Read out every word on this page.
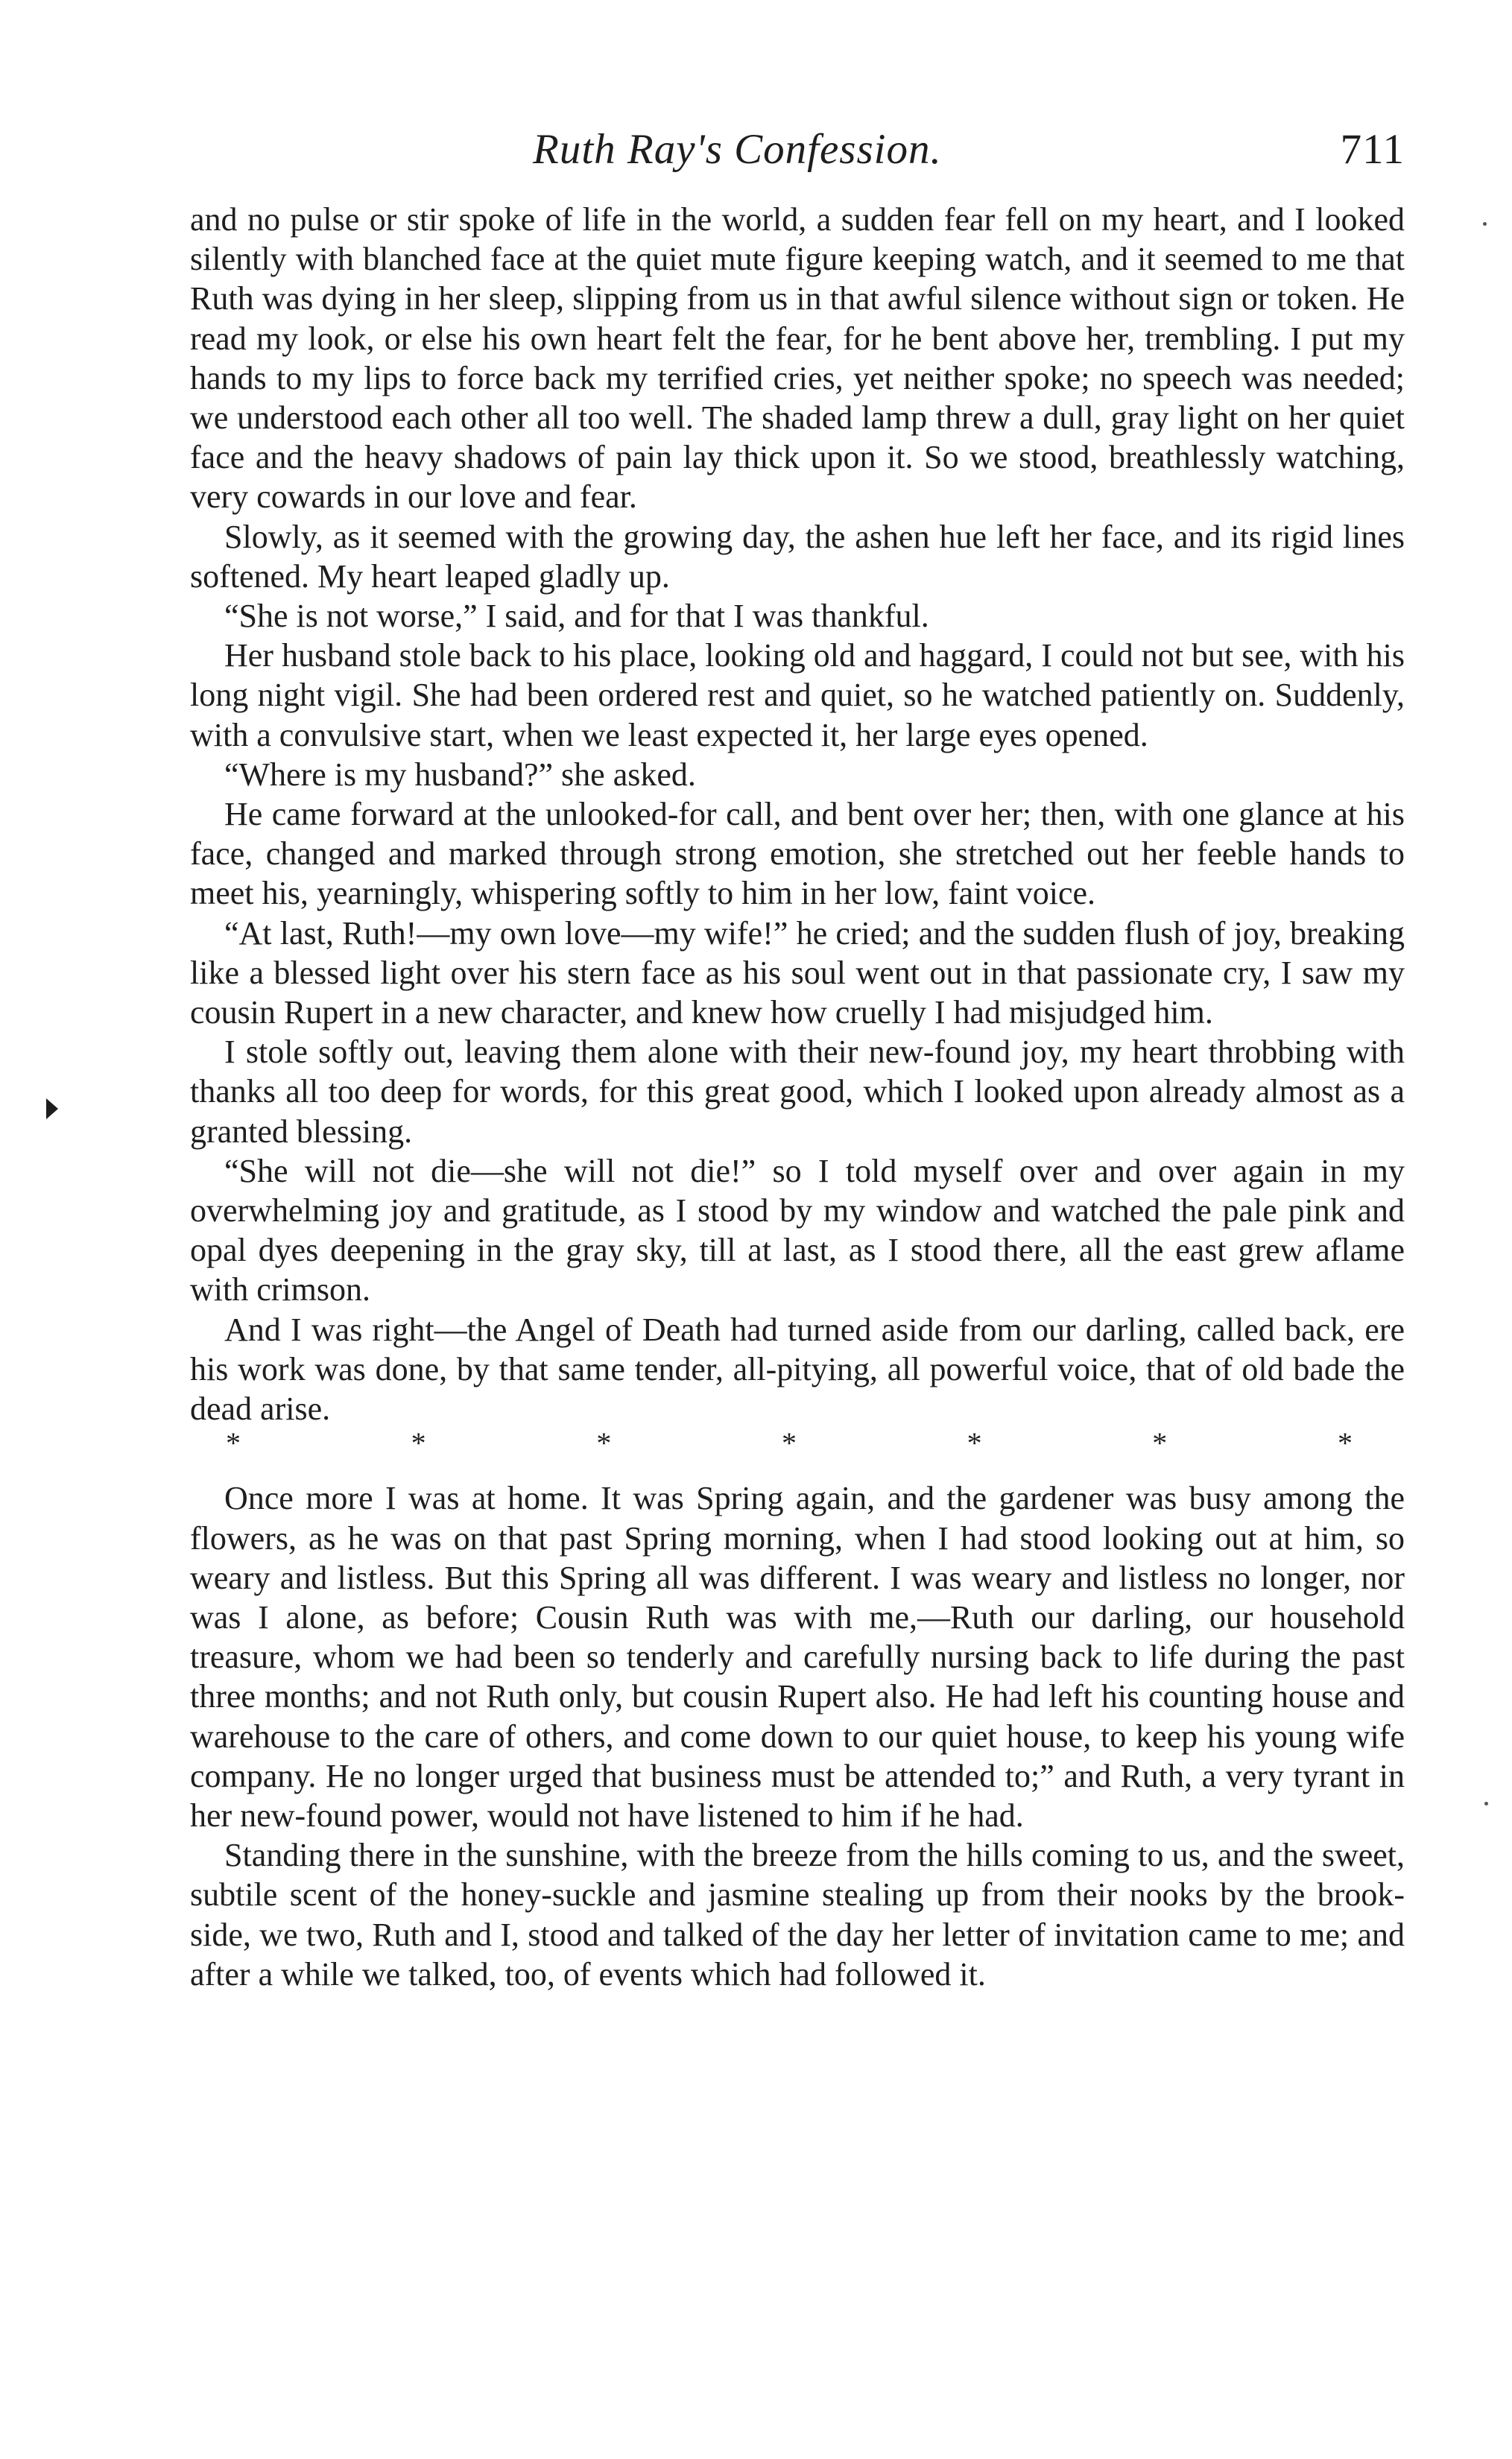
Ruth Ray's Confession.	711

and no pulse or stir spoke of life in the world, a sudden fear fell on my heart, and I looked silently with blanched face at the quiet mute figure keeping watch, and it seemed to me that Ruth was dying in her sleep, slipping from us in that awful silence without sign or token. He read my look, or else his own heart felt the fear, for he bent above her, trembling. I put my hands to my lips to force back my terrified cries, yet neither spoke; no speech was needed; we understood each other all too well. The shaded lamp threw a dull, gray light on her quiet face and the heavy shadows of pain lay thick upon it. So we stood, breathlessly watching, very cowards in our love and fear.

Slowly, as it seemed with the growing day, the ashen hue left her face, and its rigid lines softened. My heart leaped gladly up.

“She is not worse,” I said, and for that I was thankful.

Her husband stole back to his place, looking old and haggard, I could not but see, with his long night vigil. She had been ordered rest and quiet, so he watched patiently on. Suddenly, with a convulsive start, when we least expected it, her large eyes opened.

“Where is my husband?” she asked.

He came forward at the unlooked-for call, and bent over her; then, with one glance at his face, changed and marked through strong emotion, she stretched out her feeble hands to meet his, yearningly, whispering softly to him in her low, faint voice.

“At last, Ruth!—my own love—my wife!” he cried; and the sudden flush of joy, breaking like a blessed light over his stern face as his soul went out in that passionate cry, I saw my cousin Rupert in a new character, and knew how cruelly I had misjudged him.

I stole softly out, leaving them alone with their new-found joy, my heart throbbing with thanks all too deep for words, for this great good, which I looked upon already almost as a granted blessing.

“She will not die—she will not die!” so I told myself over and over again in my overwhelming joy and gratitude, as I stood by my window and watched the pale pink and opal dyes deepening in the gray sky, till at last, as I stood there, all the east grew aflame with crimson.

And I was right—the Angel of Death had turned aside from our darling, called back, ere his work was done, by that same tender, all-pitying, all powerful voice, that of old bade the dead arise.

*	*	*	*	*	*	*

Once more I was at home. It was Spring again, and the gardener was busy among the flowers, as he was on that past Spring morning, when I had stood looking out at him, so weary and listless. But this Spring all was different. I was weary and listless no longer, nor was I alone, as before; Cousin Ruth was with me,—Ruth our darling, our household treasure, whom we had been so tenderly and carefully nursing back to life during the past three months; and not Ruth only, but cousin Rupert also. He had left his counting house and warehouse to the care of others, and come down to our quiet house, to keep his young wife company. He no longer urged that business must be attended to;” and Ruth, a very tyrant in her new-found power, would not have listened to him if he had.

Standing there in the sunshine, with the breeze from the hills coming to us, and the sweet, subtile scent of the honey-suckle and jasmine stealing up from their nooks by the brook-side, we two, Ruth and I, stood and talked of the day her letter of invitation came to me; and after a while we talked, too, of events which had followed it.
